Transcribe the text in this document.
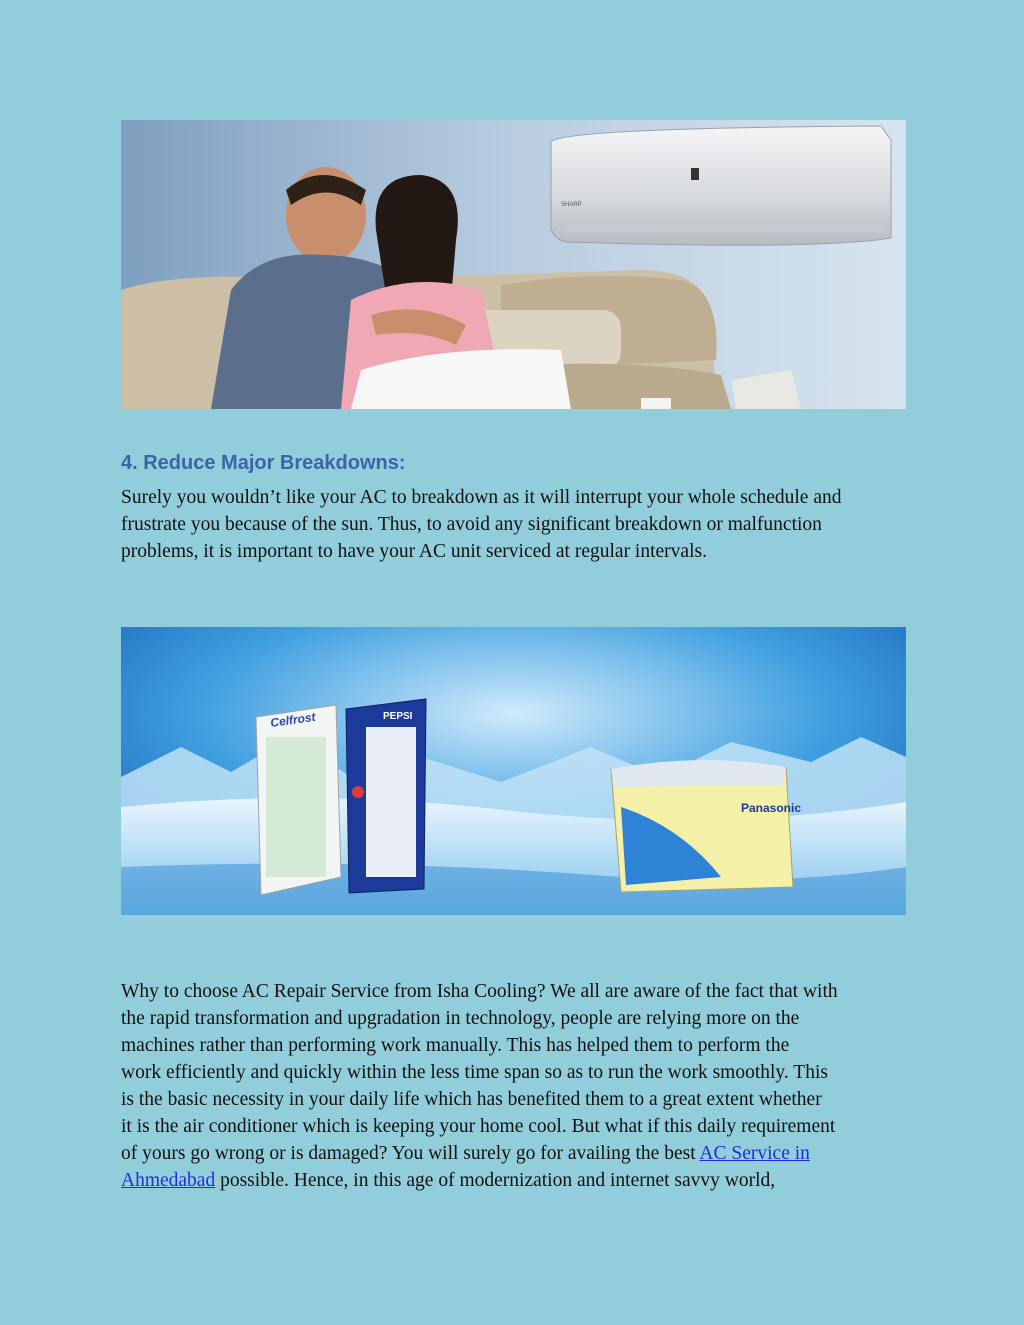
SHARP
4. Reduce Major Breakdowns:

Surely you wouldn’t like your AC to breakdown as it will interrupt your whole schedule and
frustrate you because of the sun. Thus, to avoid any significant breakdown or malfunction
problems, it is important to have your AC unit serviced at regular intervals.

Celfrost	PEPSI
Panasonic

Why to choose AC Repair Service from Isha Cooling? We all are aware of the fact that with
the rapid transformation and upgradation in technology, people are relying more on the
machines rather than performing work manually. This has helped them to perform the
work efficiently and quickly within the less time span so as to run the work smoothly. This
is the basic necessity in your daily life which has benefited them to a great extent whether
it is the air conditioner which is keeping your home cool. But what if this daily requirement
of yours go wrong or is damaged? You will surely go for availing the best AC Service in
Ahmedabad possible. Hence, in this age of modernization and internet savvy world,
